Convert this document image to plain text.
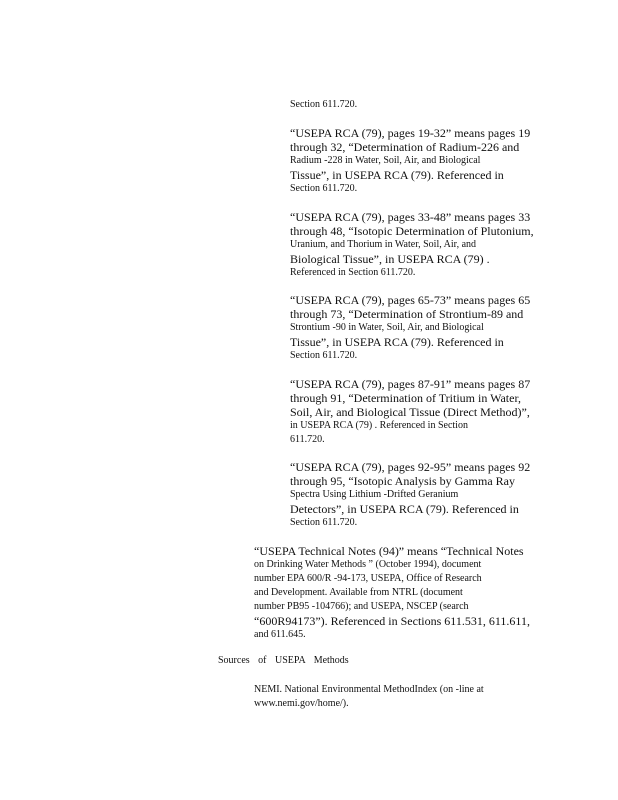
Section 611.720.
“USEPA RCA (79), pages 19-32” means pages 19
through 32, “Determination of Radium-226 and
Radium -228 in Water, Soil, Air, and Biological
Tissue”, in USEPA RCA (79). Referenced in
Section 611.720.
“USEPA RCA (79), pages 33-48” means pages 33
through 48, “Isotopic Determination of Plutonium,
Uranium, and Thorium in Water, Soil, Air, and
Biological Tissue”, in USEPA RCA (79) .
Referenced in Section 611.720.
“USEPA RCA (79), pages 65-73” means pages 65
through 73, “Determination of Strontium-89 and
Strontium -90 in Water, Soil, Air, and Biological
Tissue”, in USEPA RCA (79). Referenced in
Section 611.720.
“USEPA RCA (79), pages 87-91” means pages 87
through 91, “Determination of Tritium in Water,
Soil, Air, and Biological Tissue (Direct Method)”,
in USEPA RCA (79) . Referenced in Section
611.720.
“USEPA RCA (79), pages 92-95” means pages 92
through 95, “Isotopic Analysis by Gamma Ray
Spectra Using Lithium -Drifted Geranium
Detectors”, in USEPA RCA (79). Referenced in
Section 611.720.
“USEPA Technical Notes (94)” means “Technical Notes
on Drinking Water Methods ” (October 1994), document
number EPA 600/R -94-173, USEPA, Office of Research
and Development. Available from NTRL (document
number PB95 -104766); and USEPA, NSCEP (search
“600R94173”). Referenced in Sections 611.531, 611.611,
and 611.645.
Sources of USEPA Methods
NEMI. National Environmental MethodIndex (on -line at
www.nemi.gov/home/).
